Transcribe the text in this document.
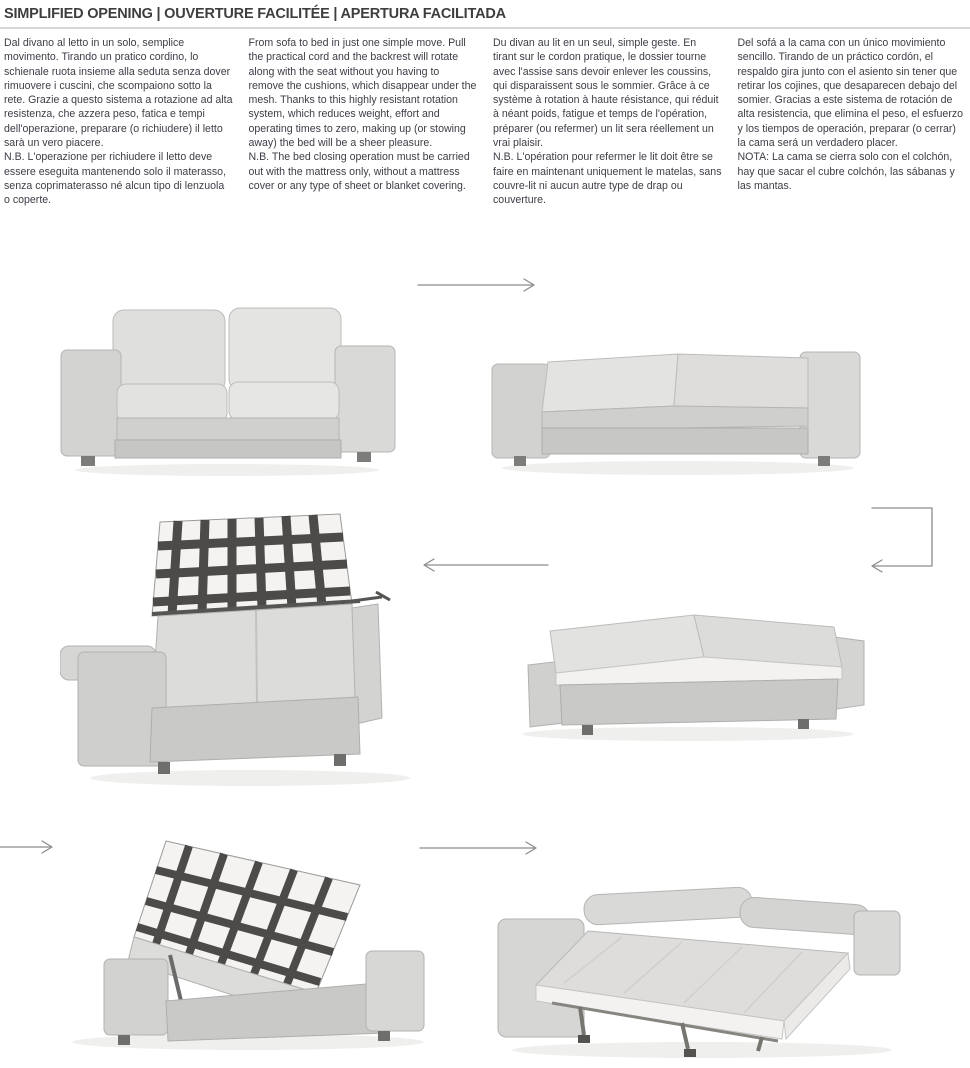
SIMPLIFIED OPENING | OUVERTURE FACILITÉE | APERTURA FACILITADA

Dal divano al letto in un solo, semplice movimento. Tirando un pratico cordino, lo schienale ruota insieme alla seduta senza dover rimuovere i cuscini, che scompaiono sotto la rete. Grazie a questo sistema a rotazione ad alta resistenza, che azzera peso, fatica e tempi dell'operazione, preparare (o richiudere) il letto sarà un vero piacere.

N.B. L'operazione per richiudere il letto deve essere eseguita mantenendo solo il materasso, senza coprimaterasso né alcun tipo di lenzuola o coperte.

From sofa to bed in just one simple move. Pull the practical cord and the backrest will rotate along with the seat without you having to remove the cushions, which disappear under the mesh. Thanks to this highly resistant rotation system, which reduces weight, effort and operating times to zero, making up (or stowing away) the bed will be a sheer pleasure.

N.B. The bed closing operation must be carried out with the mattress only, without a mattress cover or any type of sheet or blanket covering.

Du divan au lit en un seul, simple geste. En tirant sur le cordon pratique, le dossier tourne avec l'assise sans devoir enlever les coussins, qui disparaissent sous le sommier. Grâce à ce système à rotation à haute résistance, qui réduit à néant poids, fatigue et temps de l'opération, préparer (ou refermer) un lit sera réellement un vrai plaisir.

N.B. L'opération pour refermer le lit doit être se faire en maintenant uniquement le matelas, sans couvre-lit ni aucun autre type de drap ou couverture.

Del sofá a la cama con un único movimiento sencillo. Tirando de un práctico cordón, el respaldo gira junto con el asiento sin tener que retirar los cojines, que desaparecen debajo del somier. Gracias a este sistema de rotación de alta resistencia, que elimina el peso, el esfuerzo y los tiempos de operación, preparar (o cerrar) la cama será un verdadero placer.

NOTA: La cama se cierra solo con el colchón, hay que sacar el cubre colchón, las sábanas y las mantas.
